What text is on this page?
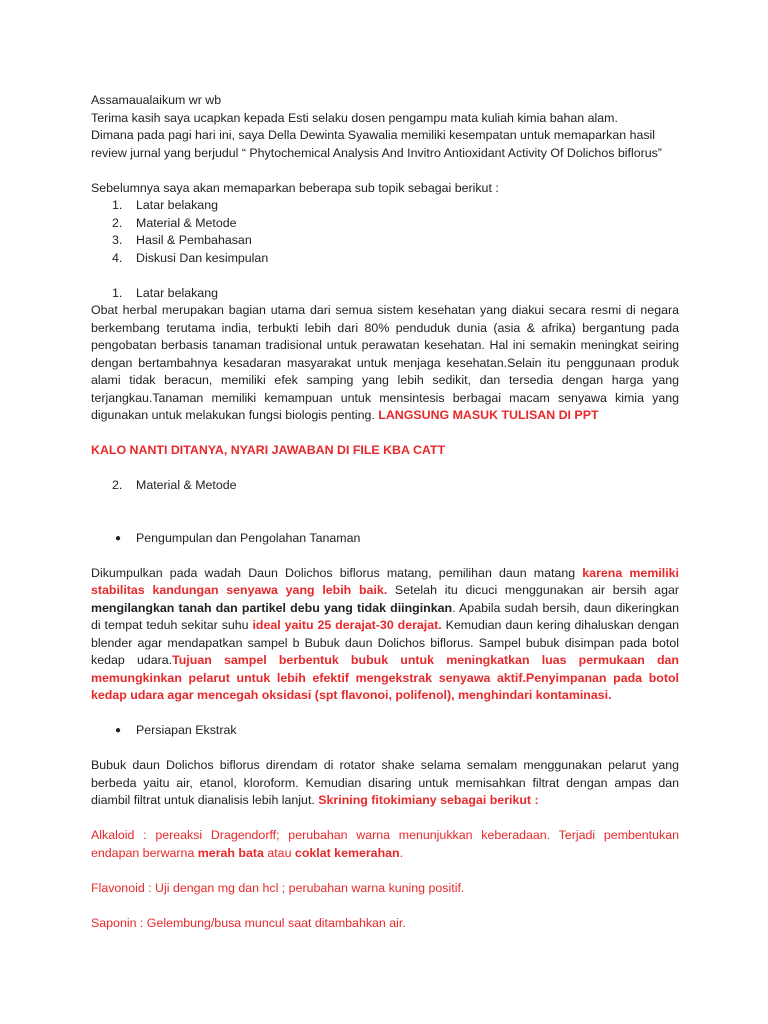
Assamaualaikum wr wb

Terima kasih saya ucapkan kepada Esti selaku dosen pengampu mata kuliah kimia bahan alam.

Dimana pada pagi hari ini, saya Della Dewinta Syawalia memiliki kesempatan untuk memaparkan hasil review jurnal yang berjudul “ Phytochemical Analysis And Invitro Antioxidant Activity Of Dolichos biflorus”

Sebelumnya saya akan memaparkan beberapa sub topik sebagai berikut :

1. Latar belakang
2. Material & Metode
3. Hasil & Pembahasan
4. Diskusi Dan kesimpulan
1. Latar belakang

Obat herbal merupakan bagian utama dari semua sistem kesehatan yang diakui secara resmi di negara berkembang terutama india, terbukti lebih dari 80% penduduk dunia (asia & afrika) bergantung pada pengobatan berbasis tanaman tradisional untuk perawatan kesehatan. Hal ini semakin meningkat seiring dengan bertambahnya kesadaran masyarakat untuk menjaga kesehatan.Selain itu penggunaan produk alami tidak beracun, memiliki efek samping yang lebih sedikit, dan tersedia dengan harga yang terjangkau.Tanaman memiliki kemampuan untuk mensintesis berbagai macam senyawa kimia yang digunakan untuk melakukan fungsi biologis penting. LANGSUNG MASUK TULISAN DI PPT

KALO NANTI DITANYA, NYARI JAWABAN DI FILE KBA CATT

2. Material & Metode
● Pengumpulan dan Pengolahan Tanaman

Dikumpulkan pada wadah Daun Dolichos biflorus matang, pemilihan daun matang karena memiliki stabilitas kandungan senyawa yang lebih baik. Setelah itu dicuci menggunakan air bersih agar mengilangkan tanah dan partikel debu yang tidak diinginkan. Apabila sudah bersih, daun dikeringkan di tempat teduh sekitar suhu ideal yaitu 25 derajat-30 derajat. Kemudian daun kering dihaluskan dengan blender agar mendapatkan sampel b Bubuk daun Dolichos biflorus. Sampel bubuk disimpan pada botol kedap udara.Tujuan sampel berbentuk bubuk untuk meningkatkan luas permukaan dan memungkinkan pelarut untuk lebih efektif mengekstrak senyawa aktif.Penyimpanan pada botol kedap udara agar mencegah oksidasi (spt flavonoi, polifenol), menghindari kontaminasi.

● Persiapan Ekstrak

Bubuk daun Dolichos biflorus direndam di rotator shake selama semalam menggunakan pelarut yang berbeda yaitu air, etanol, kloroform. Kemudian disaring untuk memisahkan filtrat dengan ampas dan diambil filtrat untuk dianalisis lebih lanjut. Skrining fitokimiany sebagai berikut :

Alkaloid : pereaksi Dragendorff; perubahan warna menunjukkan keberadaan. Terjadi pembentukan endapan berwarna merah bata atau coklat kemerahan.

Flavonoid : Uji dengan mg dan hcl ; perubahan warna kuning positif.

Saponin : Gelembung/busa muncul saat ditambahkan air.
